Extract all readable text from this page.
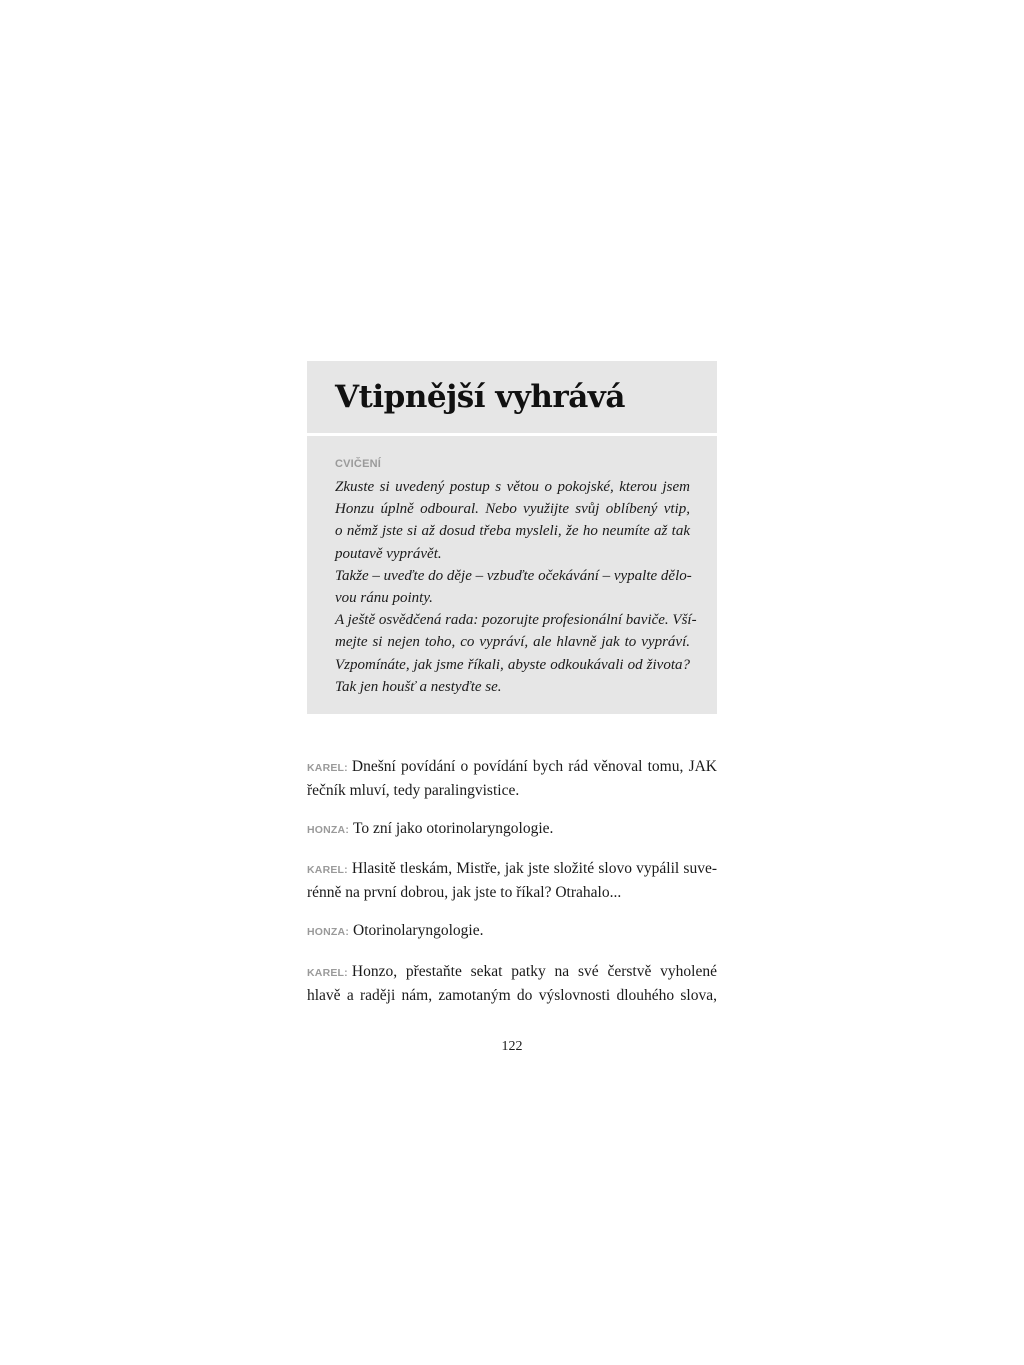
Vtipnější vyhrává
CVIČENÍ
Zkuste si uvedený postup s větou o pokojské, kterou jsem
Honzu úplně odboural. Nebo využijte svůj oblíbený vtip,
o němž jste si až dosud třeba mysleli, že ho neumíte až tak
poutavě vyprávět.
Takže – uveďte do děje – vzbuďte očekávání – vypalte dělo-
vou ránu pointy.
A ještě osvědčená rada: pozorujte profesionální baviče. Vší-
mejte si nejen toho, co vypráví, ale hlavně jak to vypráví.
Vzpomínáte, jak jsme říkali, abyste odkoukávali od života?
Tak jen houšť a nestyďte se.
KAREL: Dnešní povídání o povídání bych rád věnoval tomu, JAK
řečník mluví, tedy paralingvistice.
HONZA: To zní jako otorinolaryngologie.
KAREL: Hlasitě tleskám, Mistře, jak jste složité slovo vypálil suve-
rénně na první dobrou, jak jste to říkal? Otrahalo...
HONZA: Otorinolaryngologie.
KAREL: Honzo, přestaňte sekat patky na své čerstvě vyholené
hlavě a raději nám, zamotaným do výslovnosti dlouhého slova,
122
